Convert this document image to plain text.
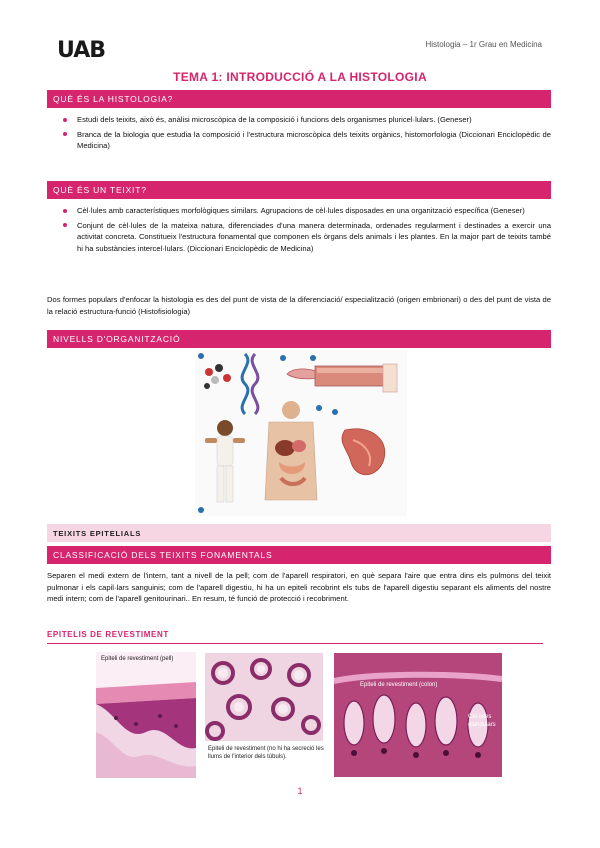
UAB	Histologia – 1r Grau en Medicina
TEMA 1: INTRODUCCIÓ A LA HISTOLOGIA
QUÈ ÉS LA HISTOLOGIA?
Estudi dels teixits, això és, anàlisi microscòpica de la composició i funcions dels organismes pluricel·lulars. (Geneser)
Branca de la biologia que estudia la composició i l'estructura microscòpica dels teixits orgànics, histomorfologia (Diccionari Enciclopèdic de Medicina)
QUÈ ÉS UN TEIXIT?
Cèl·lules amb característiques morfològiques similars. Agrupacions de cèl·lules disposades en una organització específica (Geneser)
Conjunt de cèl·lules de la mateixa natura, diferenciades d'una manera determinada, ordenades regularment i destinades a exercir una activitat concreta. Constitueix l'estructura fonamental que componen els òrgans dels animals i les plantes. En la major part de teixits també hi ha substàncies intercel·lulars. (Diccionari Enciclopèdic de Medicina)
Dos formes populars d'enfocar la histologia es des del punt de vista de la diferenciació/ especialització (origen embrionari) o des del punt de vista de la relació estructura-funció (Histofisiologia)
NIVELLS D'ORGANITZACIÓ
TEIXITS EPITELIALS
CLASSIFICACIÓ DELS TEIXITS FONAMENTALS
Separen el medi extern de l'intern, tant a nivell de la pell; com de l'aparell respiratori, en què separa l'aire que entra dins els pulmons del teixit pulmonar i els capil·lars sanguinis; com de l'aparell digestiu, hi ha un epiteli recobrint els tubs de l'aparell digestiu separant els aliments del nostre medi intern; com de l'aparell genitourinari.. En resum, té funció de protecció i recobriment.
EPITELIS DE REVESTIMENT
Epiteli de revestiment (pell)
Epiteli de revestiment (no hi ha secreció les llums de l'interior dels túbuls).
Epiteli de revestiment (colon)
Cèl·lules glandulars
1
